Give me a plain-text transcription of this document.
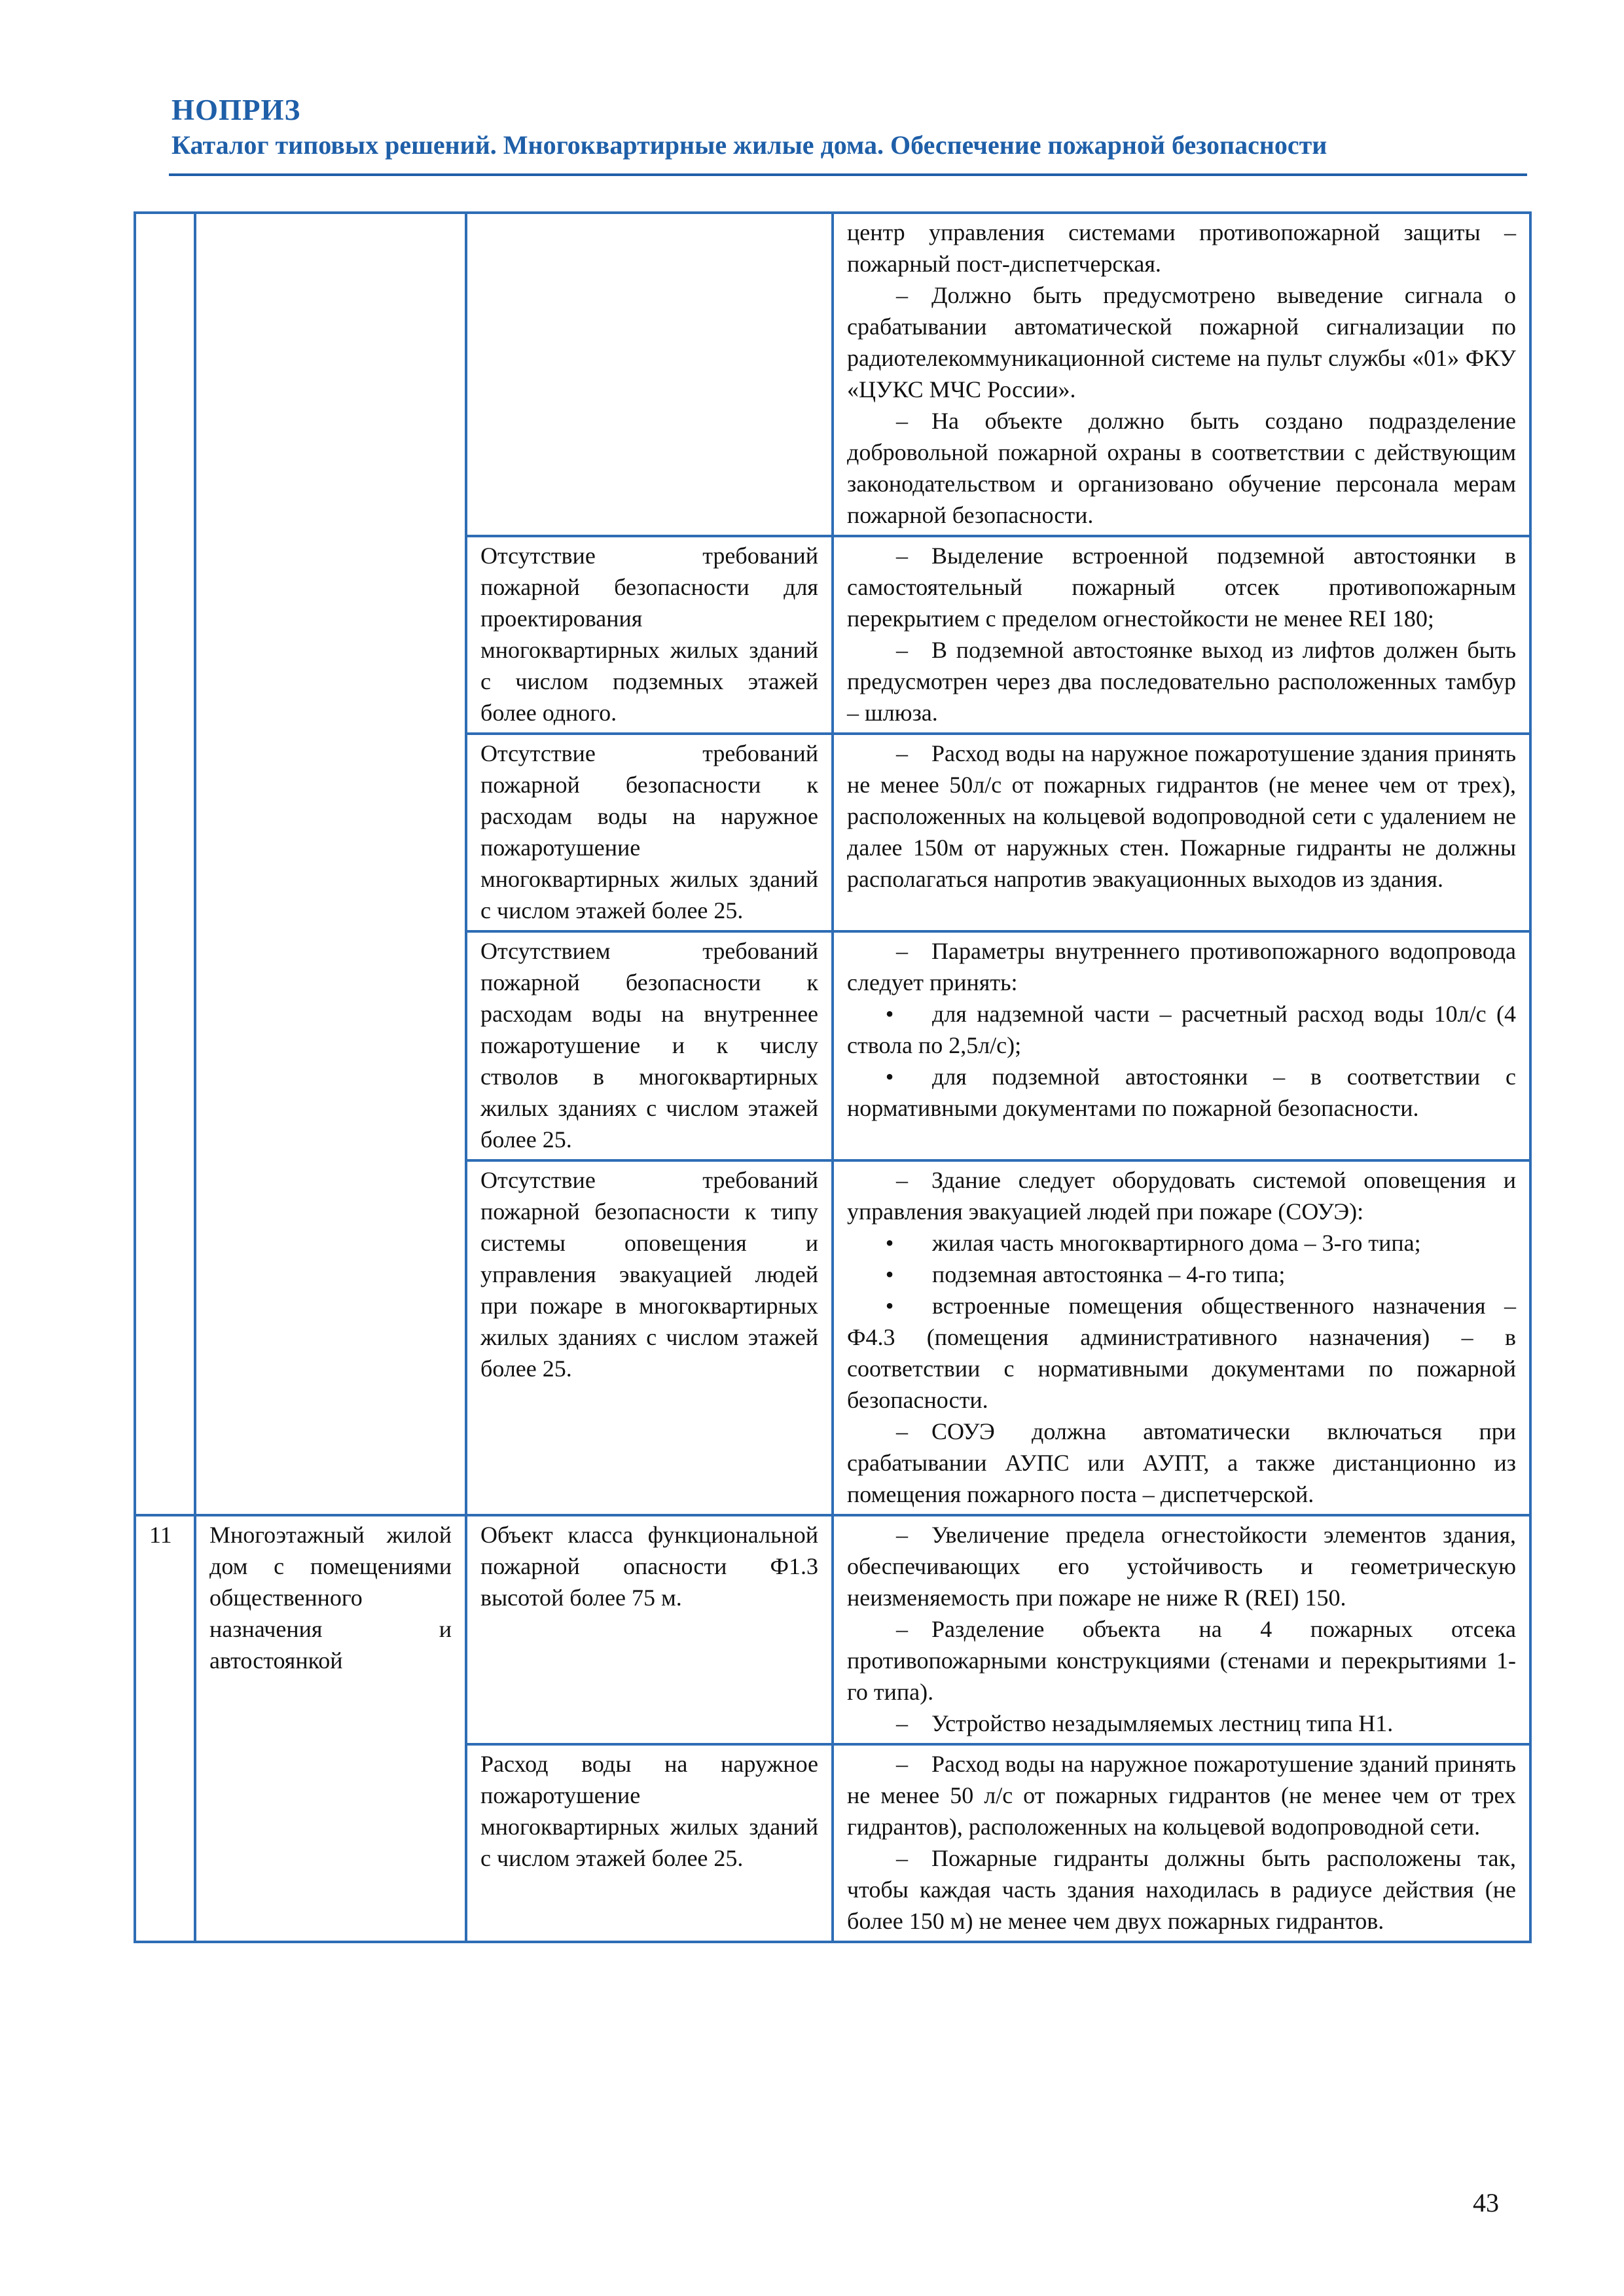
НОПРИЗ
Каталог типовых решений. Многоквартирные жилые дома. Обеспечение пожарной безопасности

			центр управления системами противопожарной защиты – пожарный пост-диспетчерская.

– Должно быть предусмотрено выведение сигнала о срабатывании автоматической пожарной сигнализации по радиотелекоммуникационной системе на пульт службы «01» ФКУ «ЦУКС МЧС России».

– На объекте должно быть создано подразделение добровольной пожарной охраны в соответствии с действующим законодательством и организовано обучение персонала мерам пожарной безопасности.

		Отсутствие требований пожарной безопасности для проектирования многоквартирных жилых зданий с числом подземных этажей более одного.	– Выделение встроенной подземной автостоянки в самостоятельный пожарный отсек противопожарным перекрытием с пределом огнестойкости не менее REI 180;

– В подземной автостоянке выход из лифтов должен быть предусмотрен через два последовательно расположенных тамбур – шлюза.

		Отсутствие требований пожарной безопасности к расходам воды на наружное пожаротушение многоквартирных жилых зданий с числом этажей более 25.	– Расход воды на наружное пожаротушение здания принять не менее 50л/с от пожарных гидрантов (не менее чем от трех), расположенных на кольцевой водопроводной сети с удалением не далее 150м от наружных стен. Пожарные гидранты не должны располагаться напротив эвакуационных выходов из здания.

		Отсутствием требований пожарной безопасности к расходам воды на внутреннее пожаротушение и к числу стволов в многоквартирных жилых зданиях с числом этажей более 25.	– Параметры внутреннего противопожарного водопровода следует принять:

• для надземной части – расчетный расход воды 10л/с (4 ствола по 2,5л/с);

• для подземной автостоянки – в соответствии с нормативными документами по пожарной безопасности.

		Отсутствие требований пожарной безопасности к типу системы оповещения и управления эвакуацией людей при пожаре в многоквартирных жилых зданиях с числом этажей более 25.	– Здание следует оборудовать системой оповещения и управления эвакуацией людей при пожаре (СОУЭ):

• жилая часть многоквартирного дома – 3-го типа;

• подземная автостоянка – 4-го типа;

• встроенные помещения общественного назначения – Ф4.3 (помещения административного назначения) – в соответствии с нормативными документами по пожарной безопасности.

– СОУЭ должна автоматически включаться при срабатывании АУПС или АУПТ, а также дистанционно из помещения пожарного поста – диспетчерской.

11	Многоэтажный жилой дом с помещениями общественного назначения и автостоянкой	Объект класса функциональной пожарной опасности Ф1.3 высотой более 75 м.	– Увеличение предела огнестойкости элементов здания, обеспечивающих его устойчивость и геометрическую неизменяемость при пожаре не ниже R (REI) 150.

– Разделение объекта на 4 пожарных отсека противопожарными конструкциями (стенами и перекрытиями 1-го типа).

– Устройство незадымляемых лестниц типа Н1.

		Расход воды на наружное пожаротушение многоквартирных жилых зданий с числом этажей более 25.	– Расход воды на наружное пожаротушение зданий принять не менее 50 л/с от пожарных гидрантов (не менее чем от трех гидрантов), расположенных на кольцевой водопроводной сети.

– Пожарные гидранты должны быть расположены так, чтобы каждая часть здания находилась в радиусе действия (не более 150 м) не менее чем двух пожарных гидрантов.

43
